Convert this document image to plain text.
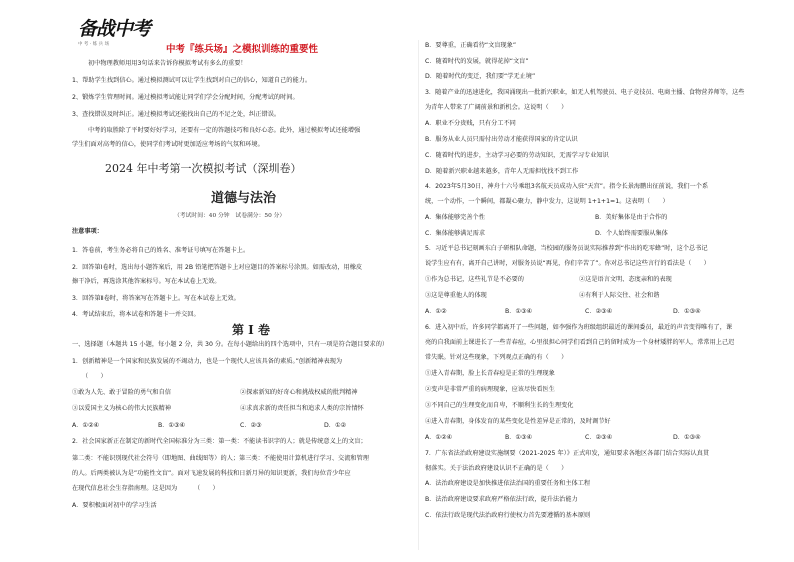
备战中考
中 考 · 练 兵 场	中考『练兵场』之模拟训练的重要性
初中物理教师用用3句话来告诉你模拟考试有多么的重要！
1、帮助学生找到信心。通过模拟测试可以让学生找到对自己的信心，知道自己的能力。
2、锻炼学生管理时间。通过模拟考试能让同学们学会分配时间，分配考试的时间。
3、查找错误及时纠正。通过模拟考试还能找出自己的不足之处，纠正错误。
中考的取胜除了平时要好好学习，还要有一定的答题技巧和良好心态。此外，通过模拟考试还能增强
学生们面对高考的信心，使同学们考试时更加适应考场的气氛和环境。
2024 年中考第一次模拟考试（深圳卷）
道德与法治
（考试时间：40 分钟　试卷满分：50 分）
注意事项：
1．答卷前，考生务必将自己的姓名、准考证号填写在答题卡上。
2．回答第Ⅰ卷时，选出每小题答案后，用 2B 铅笔把答题卡上对应题目的答案标号涂黑。如需改动，用橡皮
擦干净后，再选涂其他答案标号。写在本试卷上无效。
3．回答第Ⅱ卷时，将答案写在答题卡上。写在本试卷上无效。
4．考试结束后，将本试卷和答题卡一并交回。
第 I 卷
一、选择题（本题共 15 小题，每小题 2 分，共 30 分。在每小题给出的四个选项中，只有一项是符合题目要求的）
1．创新精神是一个国家和民族发展的不竭动力，也是一个现代人应该具备的素质。”创新精神表现为
（　　）
①敢为人先、敢于冒险的勇气和自信	②探索新知的好奇心和挑战权威的批判精神
③以爱国主义为核心的伟大民族精神	④求真求新的责任担当和追求人类的宗旨情怀
A．①②④	B．①③④	C．②③	D．①②
2．社会国家新正在制定的新时代全国标准分为三类：第一类：不能读书识字的人；就是传统意义上的文盲；
第二类：不能识别现代社会符号（即地图、曲线图等）的人；第三类：不能使用计算机进行学习、交流和管理
的人。后两类被认为是”功能性文盲”。面对飞速发展的科技和日新月异的知识更新，我们每位青少年应
在现代信息社会生存指南理。这是因为	（　　）
A．要积极面对初中的学习生活
B．要尊重，正确看待“文盲现象”
C．随着时代的发展，就得花掉“文盲”
D．随着时代的变迁，我们要“学无止境”
3．随着产业的迅速进化，我国涌现出一批新兴职业，如无人机驾驶员、电子竞技员、电商主播、食物营养师等，这些
为青年人带来了广阔前景和新机会。这说明（　　）
A．职业不分贵贱，只有分工不同
B．服务从业人员只需付出劳动才能获得国家的肯定认识
C．随着时代的进步，主动学习必要的劳动知识，无需学习专业知识
D．随着新兴职业越来越多，青年人无需担忧找不到工作
4．2023年5月30日，神舟十六号乘组3名航天员成功入驻“天宫”。指令长景海鹏出征前说，我们一个系
统，一个动作，一个瞬间，都凝心聚力，静中发力，这说明 1+1+1=1。这表明（　　）
A．集体能够完善个性	B．美好集体是由于合作的
C．集体能够满足需求	D．个人始终需要服从集体
5．习近平总书记刻画东白子研相队命题，当校园的服务员说实际推荐到“作出的吃零蜂”时，这个总书记
说学生应有有，离开自己讲时，对服务员说“再见，你们辛苦了”。你对总书记这些言行的看法是（　　）
①作为总书记，这些礼节是不必要的	②这是语言文明、态度亲和的表现
③这是尊重他人的体现	④有利于人际交往、社会和谐
A．①②	B．①③④	C．②③④	D．①③④
6．进入初中后，许多同学都离开了一些问题，如李强作为班级组织最近的课间委员，最近的声音变得唯有了，课
亮的自我面前上课进长了一些青春痘，心里很担心同学们看到自己的留时成为一个身材矮胖的军人，常常用上己迟
常失眠。针对这些现象，下列观点正确的有（　　）
①进入青春期，脸上长青春痘是正常的生理现象
②变声是非常严重的病理现象，应该尽快看医生
③不同自己的生理变化而自卑，不顺利生长的生理变化
④进入青春期，身体发育的某些变化是性差异是正常的，及时调节好
A．①②④	B．①③④	C．②③④	D．①③④
7．广东省法治政府建设实施纲要（2021-2025 年）》正式印发，通知要求各地区各部门结合实际认真贯
彻落实。关于法治政府建设认识不正确的是（　　）
A．法治政府建设是加快推进依法治国的重要任务和主体工程
B．法治政府建设要求政府严格依法行政，提升法治能力
C．依法行政是现代法治政府行使权力首先要遵循的基本原则
